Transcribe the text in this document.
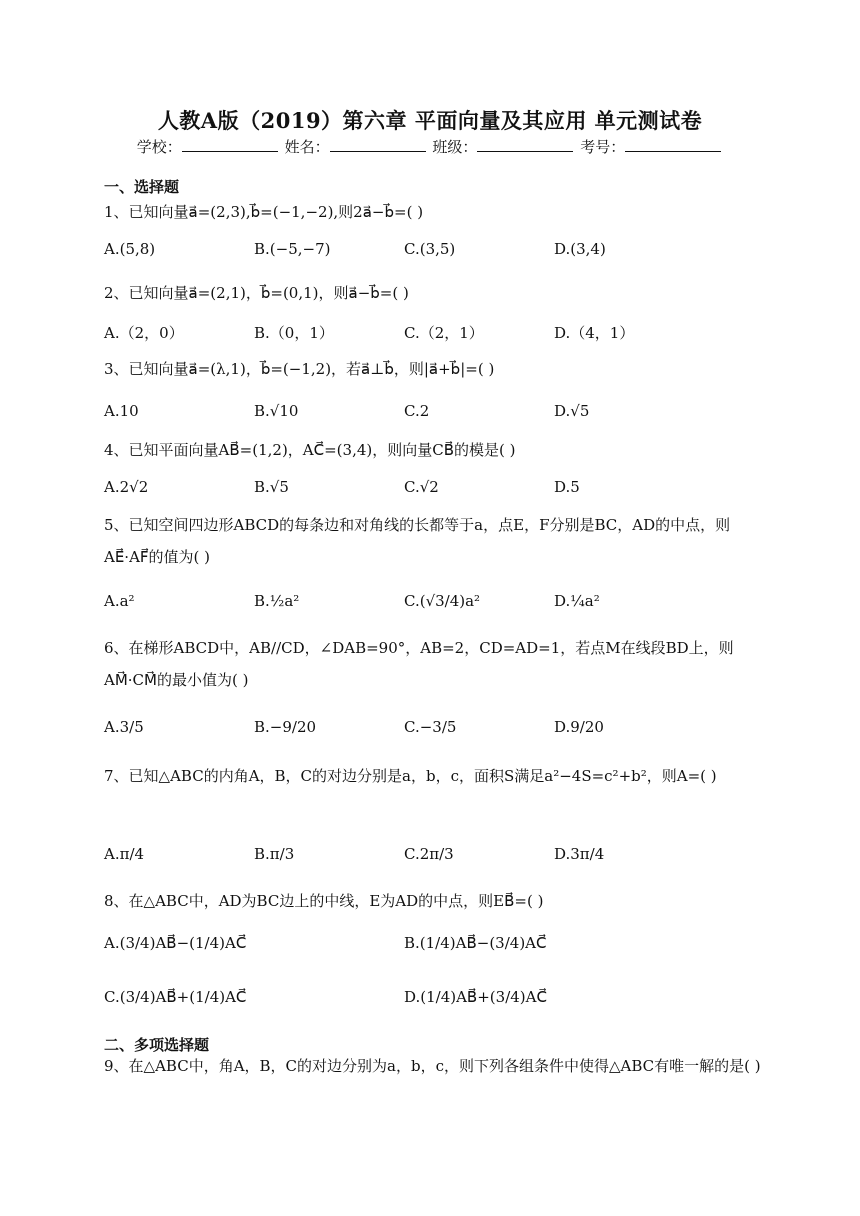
人教A版（2019）第六章 平面向量及其应用 单元测试卷
学校：	姓名：	班级：	考号：
一、选择题
1、已知向量a⃗=(2,3),b⃗=(−1,−2),则2a⃗−b⃗=( )
A.(5,8)	B.(−5,−7)	C.(3,5)	D.(3,4)
2、已知向量a⃗=(2,1)，b⃗=(0,1)，则a⃗−b⃗=( )
A.（2，0）	B.（0，1）	C.（2，1）	D.（4，1）
3、已知向量a⃗=(λ,1)，b⃗=(−1,2)，若a⃗⊥b⃗，则|a⃗+b⃗|=( )
A.10	B.√10	C.2	D.√5
4、已知平面向量AB⃗=(1,2)，AC⃗=(3,4)，则向量CB⃗的模是( )
A.2√2	B.√5	C.√2	D.5
5、已知空间四边形ABCD的每条边和对角线的长都等于a，点E，F分别是BC，AD的中点，则AE⃗·AF⃗的值为( )
A.a²	B.½a²	C.(√3/4)a²	D.¼a²
6、在梯形ABCD中，AB//CD，∠DAB=90°，AB=2，CD=AD=1，若点M在线段BD上，则AM⃗·CM⃗的最小值为( )
A.3/5	B.−9/20	C.−3/5	D.9/20
7、已知△ABC的内角A，B，C的对边分别是a，b，c，面积S满足a²−4S=c²+b²，则A=( )
A.π/4	B.π/3	C.2π/3	D.3π/4
8、在△ABC中，AD为BC边上的中线，E为AD的中点，则EB⃗=( )
A.(3/4)AB⃗−(1/4)AC⃗	B.(1/4)AB⃗−(3/4)AC⃗
C.(3/4)AB⃗+(1/4)AC⃗	D.(1/4)AB⃗+(3/4)AC⃗
二、多项选择题
9、在△ABC中，角A，B，C的对边分别为a，b，c，则下列各组条件中使得△ABC有唯一解的是( )
